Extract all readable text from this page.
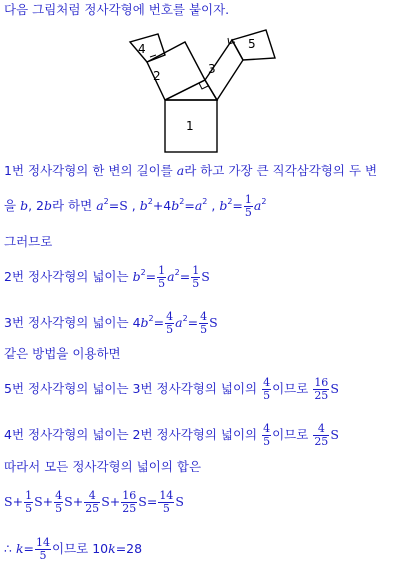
다음 그림처럼 정사각형에 번호를 붙이자.
1
2	3
4	5
1번 정사각형의 한 변의 길이를 a라 하고 가장 큰 직각삼각형의 두 변
을 b, 2b라 하면 $a^2=S$ , $b^2+4b^2=a^2$ , $b^2= \frac{1}{5} a^2$
그러므로
2번 정사각형의 넓이는 $b^2= \frac{1}{5} a^2= \frac{1}{5}$ S
3번 정사각형의 넓이는 $4b^2= \frac{4}{5} a^2= \frac{4}{5}$ S
같은 방법을 이용하면
5번 정사각형의 넓이는 3번 정사각형의 넓이의 $\frac{4}{5}$ 이므로 $\frac{16}{25}$ S
4번 정사각형의 넓이는 2번 정사각형의 넓이의 $\frac{4}{5}$ 이므로 $\frac{4}{25}$ S
따라서 모든 정사각형의 넓이의 합은
$S+ \frac{1}{5} S+ \frac{4}{5} S+ \frac{4}{25} S+ \frac{16}{25} S= \frac{14}{5}$ S
∴ $k= \frac{14}{5}$ 이므로 10k=28
